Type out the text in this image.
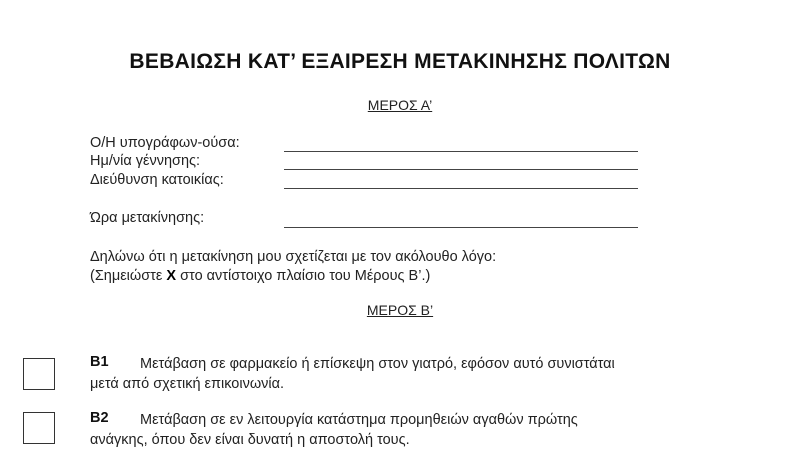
ΒΕΒΑΙΩΣΗ ΚΑΤ’ ΕΞΑΙΡΕΣΗ ΜΕΤΑΚΙΝΗΣΗΣ ΠΟΛΙΤΩΝ
ΜΕΡΟΣ Α’
Ο/Η υπογράφων-ούσα:
Ημ/νία γέννησης:
Διεύθυνση κατοικίας:
Ώρα μετακίνησης:
Δηλώνω ότι η μετακίνηση μου σχετίζεται με τον ακόλουθο λόγο:
(Σημειώστε X στο αντίστοιχο πλαίσιο του Μέρους Β’.)
ΜΕΡΟΣ Β’
Β1	Μετάβαση σε φαρμακείο ή επίσκεψη στον γιατρό, εφόσον αυτό συνιστάται
μετά από σχετική επικοινωνία.
Β2	Μετάβαση σε εν λειτουργία κατάστημα προμηθειών αγαθών πρώτης
ανάγκης, όπου δεν είναι δυνατή η αποστολή τους.
